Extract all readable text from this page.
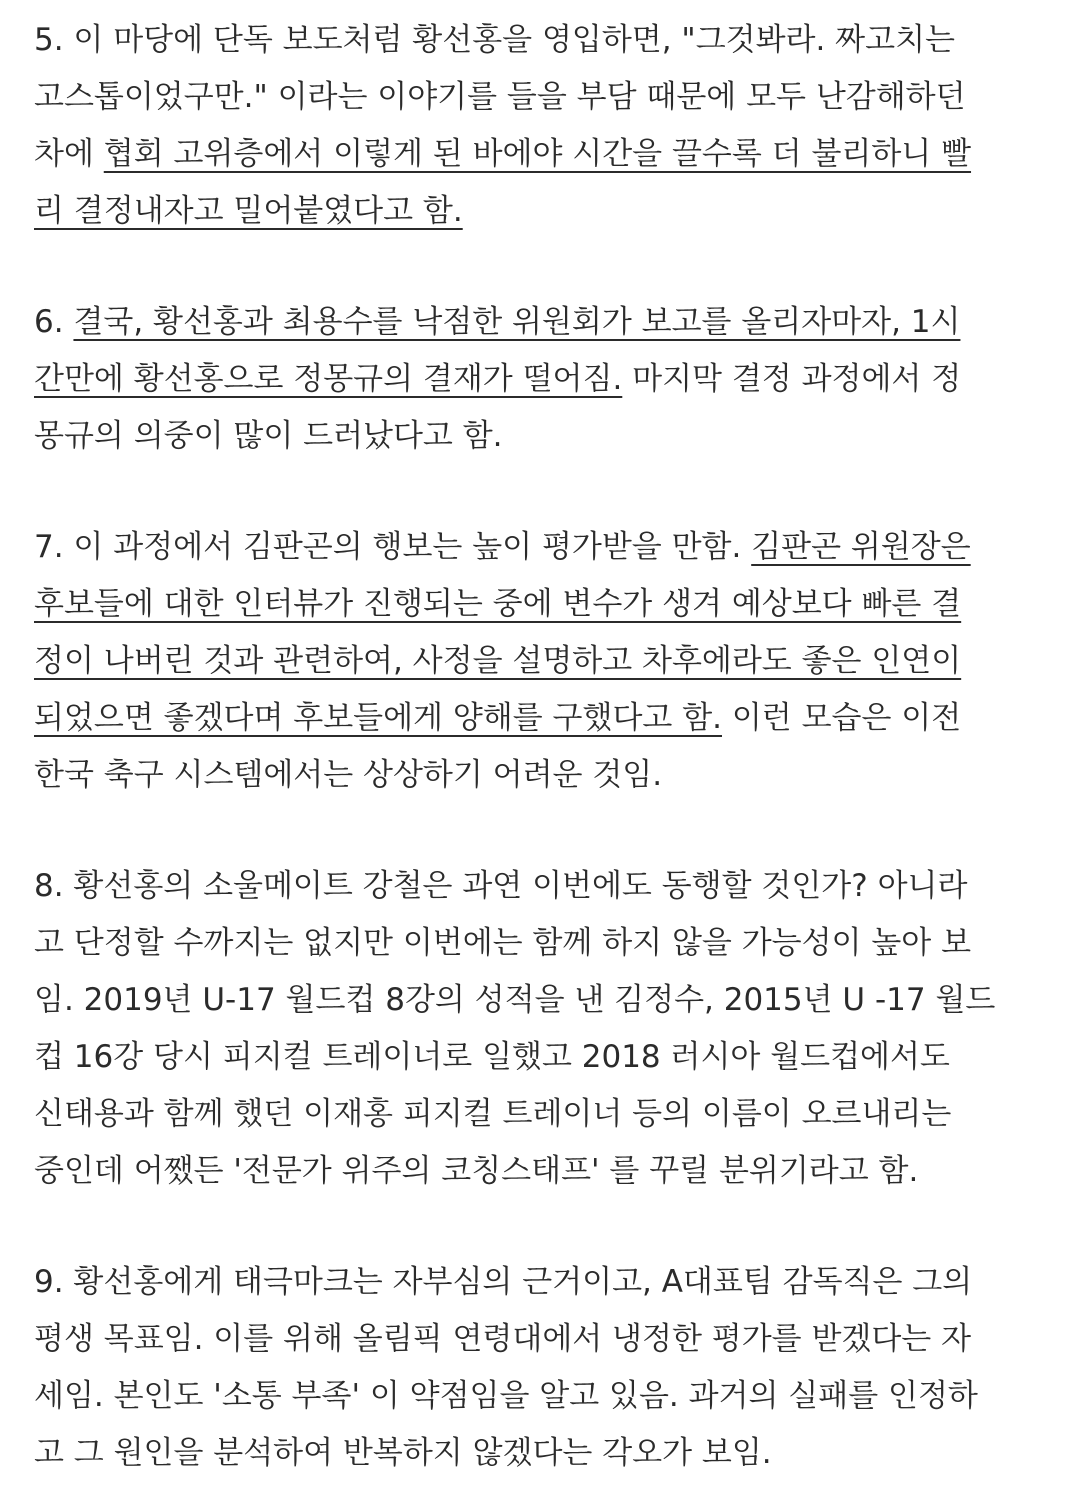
5. 이 마당에 단독 보도처럼 황선홍을 영입하면, "그것봐라. 짜고치는
고스톱이었구만." 이라는 이야기를 들을 부담 때문에 모두 난감해하던
차에 협회 고위층에서 이렇게 된 바에야 시간을 끌수록 더 불리하니 빨
리 결정내자고 밀어붙였다고 함.
6. 결국, 황선홍과 최용수를 낙점한 위원회가 보고를 올리자마자, 1시
간만에 황선홍으로 정몽규의 결재가 떨어짐. 마지막 결정 과정에서 정
몽규의 의중이 많이 드러났다고 함.
7. 이 과정에서 김판곤의 행보는 높이 평가받을 만함. 김판곤 위원장은
후보들에 대한 인터뷰가 진행되는 중에 변수가 생겨 예상보다 빠른 결
정이 나버린 것과 관련하여, 사정을 설명하고 차후에라도 좋은 인연이
되었으면 좋겠다며 후보들에게 양해를 구했다고 함. 이런 모습은 이전
한국 축구 시스템에서는 상상하기 어려운 것임.
8. 황선홍의 소울메이트 강철은 과연 이번에도 동행할 것인가? 아니라
고 단정할 수까지는 없지만 이번에는 함께 하지 않을 가능성이 높아 보
임. 2019년 U-17 월드컵 8강의 성적을 낸 김정수, 2015년 U -17 월드
컵 16강 당시 피지컬 트레이너로 일했고 2018 러시아 월드컵에서도
신태용과 함께 했던 이재홍 피지컬 트레이너 등의 이름이 오르내리는
중인데 어쨌든 '전문가 위주의 코칭스태프' 를 꾸릴 분위기라고 함.
9. 황선홍에게 태극마크는 자부심의 근거이고, A대표팀 감독직은 그의
평생 목표임. 이를 위해 올림픽 연령대에서 냉정한 평가를 받겠다는 자
세임. 본인도 '소통 부족' 이 약점임을 알고 있음. 과거의 실패를 인정하
고 그 원인을 분석하여 반복하지 않겠다는 각오가 보임.
